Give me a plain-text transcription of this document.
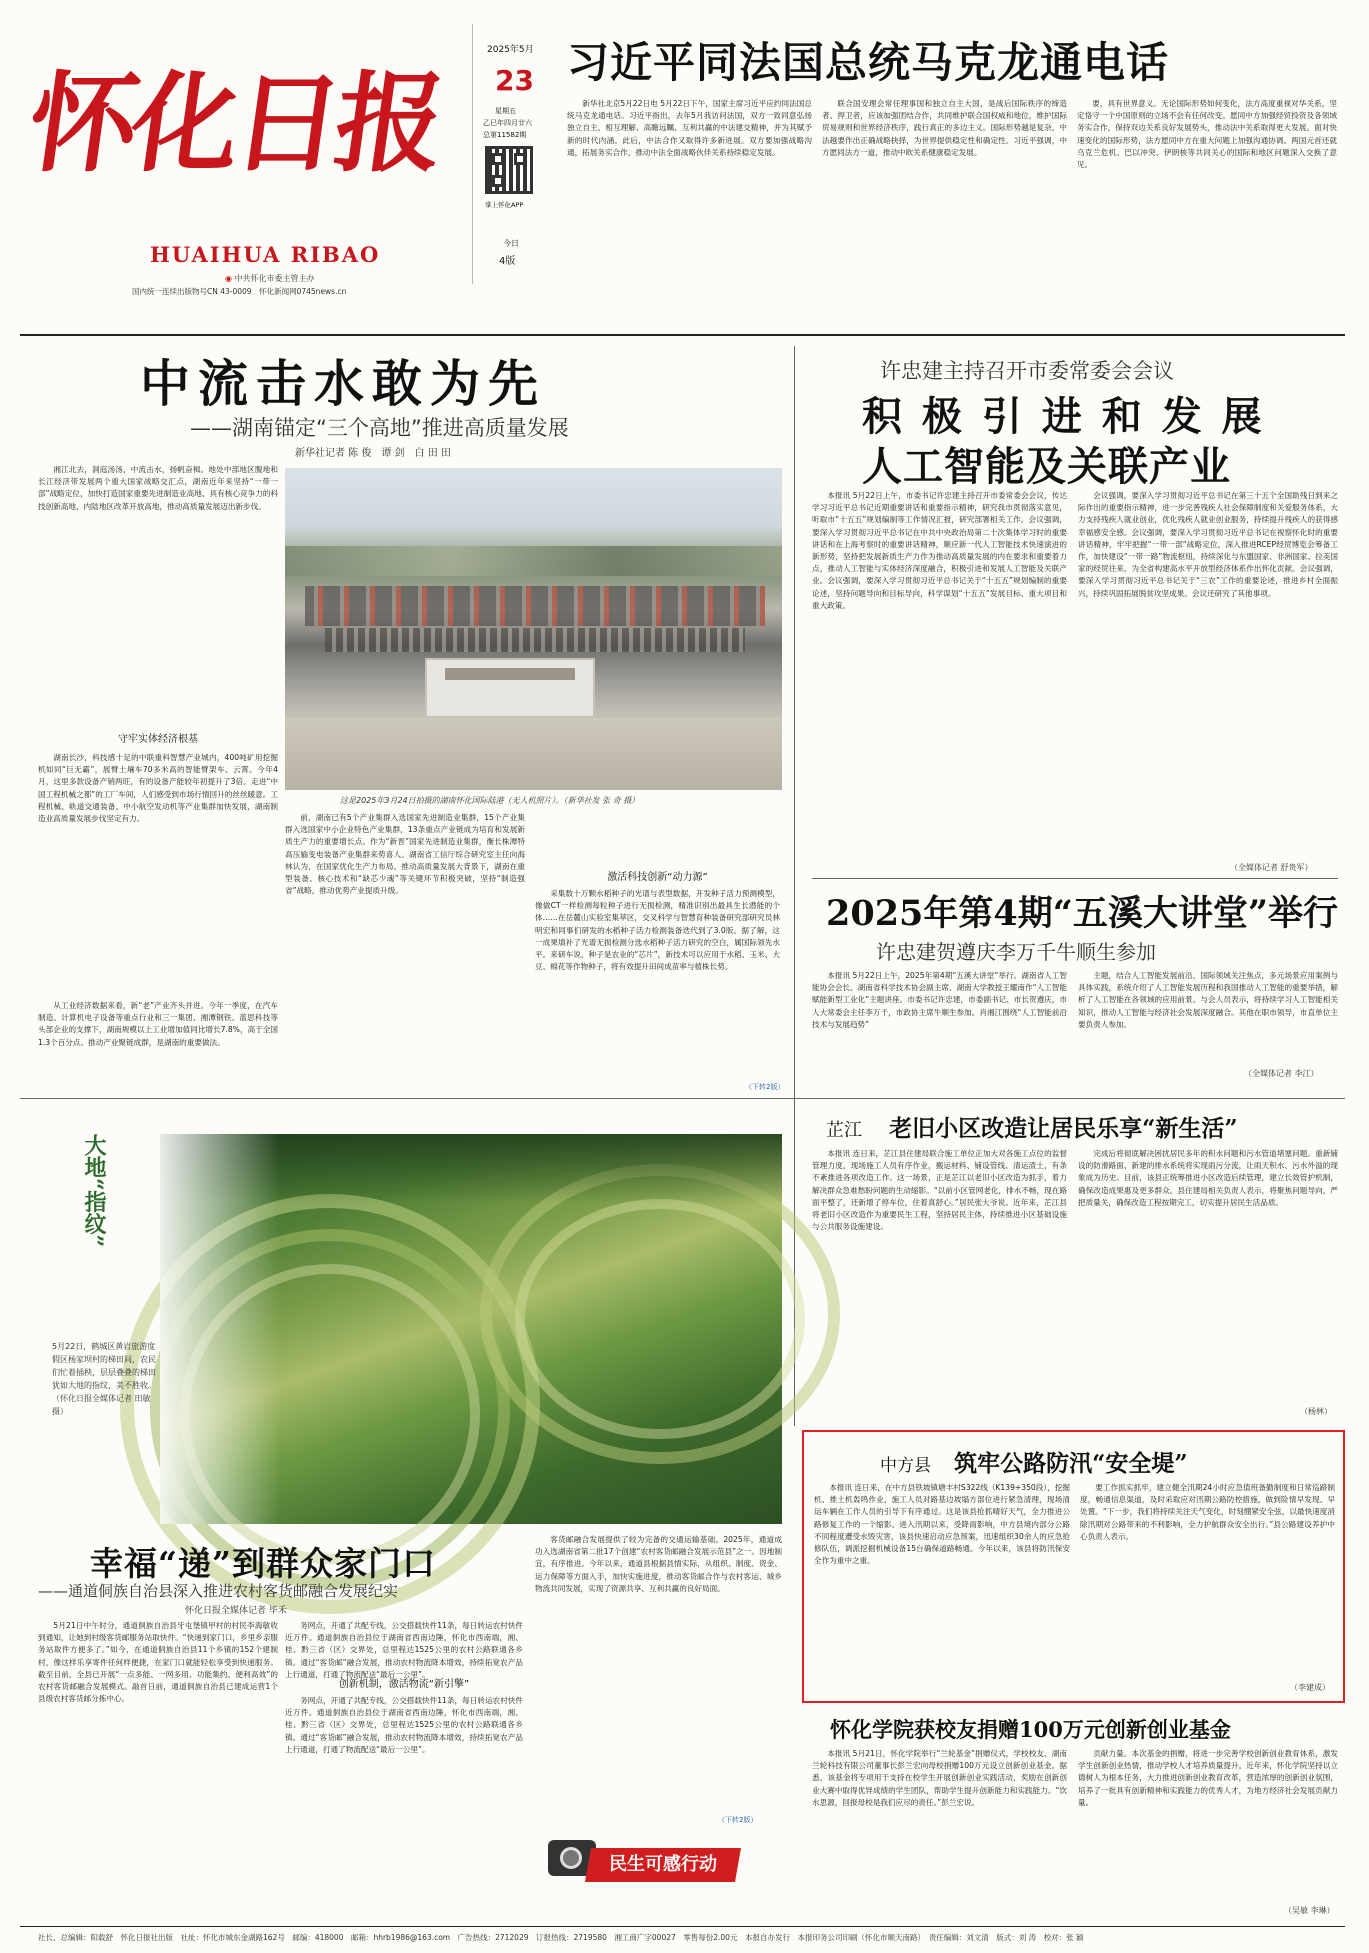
怀化日报
HUAIHUA RIBAO
◉ 中共怀化市委主管主办
国内统一连续出版物号CN 43-0009　怀化新闻网0745news.cn
2025年5月
23
星期五
乙巳年四月廿六
总第11582期
掌上怀化APP
今日
4版
习近平同法国总统马克龙通电话

新华社北京5月22日电 5月22日下午，国家主席习近平应约同法国总统马克龙通电话。习近平指出，去年5月我访问法国，双方一致同意弘扬独立自主、相互理解、高瞻远瞩、互利共赢的中法建交精神，并为其赋予新的时代内涵。此后，中法合作又取得许多新进展。双方要加强战略沟通，拓展务实合作，推动中法全面战略伙伴关系持续稳定发展。

联合国安理会常任理事国和独立自主大国，是战后国际秩序的缔造者、捍卫者，应该加强团结合作，共同维护联合国权威和地位，维护国际贸易规则和世界经济秩序，践行真正的多边主义。国际形势越是复杂，中法越要作出正确战略抉择，为世界提供稳定性和确定性。习近平强调，中方愿同法方一道，推动中欧关系健康稳定发展。

要，具有世界意义。无论国际形势如何变化，法方高度重视对华关系，坚定恪守一个中国原则的立场不会有任何改变。愿同中方加强经贸投资及各领域务实合作，保持双边关系良好发展势头，推动法中关系取得更大发展。面对快速变化的国际形势，法方愿同中方在重大问题上加强沟通协调。两国元首还就乌克兰危机、巴以冲突、伊朗核等共同关心的国际和地区问题深入交换了意见。

中流击水敢为先
——湖南锚定“三个高地”推进高质量发展
新华社记者 陈 俊　谭 剑　白 田 田

湘江北去，洞庭汤汤，中流击水，扬帆奋楫。地处中部地区腹地和长江经济带发展两个重大国家战略交汇点，湖南近年来坚持“一带一部”战略定位，加快打造国家重要先进制造业高地、具有核心竞争力的科技创新高地、内陆地区改革开放高地，推动高质量发展迈出新步伐。

守牢实体经济根基

湖南长沙，科技感十足的中联重科智慧产业城内，400吨矿用挖掘机如同“巨无霸”，展臂土壤车70多米高的智能臂架车、云霄。今年4月，这里多款设备产销两旺，有的设备产能较年初提升了3倍。走进“中国工程机械之都”的工厂车间，人们感受到市场行情回升的丝丝暖意。工程机械、轨道交通装备、中小航空发动机等产业集群加快发展，湖南制造业高质量发展步伐坚定有力。

从工业经济数据来看，新“老”产业齐头并进。今年一季度，在汽车制造、计算机电子设备等重点行业和三一集团、湘潭钢铁、蓝思科技等头部企业的支撑下，湖南规模以上工业增加值同比增长7.8%，高于全国1.3个百分点。推动产业聚链成群，是湖南的重要做法。

这是2025年3月24日拍摄的湖南怀化国际陆港（无人机照片）。（新华社发 张 奇 摄）

前，湖南已有5个产业集群入选国家先进制造业集群，15个产业集群入选国家中小企业特色产业集群，13条重点产业链成为培育和发展新质生产力的重要增长点。作为“新晋”国家先进制造业集群，衡长株潭特高压输变电装备产业集群来势喜人。湖南省工信厅综合研究室主任向海林认为，在国家优化生产力布局、推动高质量发展大背景下，湖南在重型装备、核心技术和“缺芯少魂”等关键环节积极突破，坚持“制造强省”战略，推动优势产业提质升级。

激活科技创新“动力源”

采集数十万颗水稻种子的光谱与表型数据，开发种子活力预测模型，像做CT一样检测每粒种子进行无损检测，精准识别出最具生长潜能的个体……在岳麓山实验室集萃区，交叉科学与智慧育种装备研究部研究员林明宏和同事们研发的水稻种子活力检测装备迭代到了3.0版。据了解，这一成果填补了光谱无损检测分选水稻种子活力研究的空白，属国际领先水平。来研车说，种子是农业的“芯片”，新技术可以应用于水稻、玉米、大豆、棉花等作物种子，将有效提升田间成苗率与植株长势。

（下转2版）
许忠建主持召开市委常委会会议
积 极 引 进 和 发 展
人工智能及关联产业

本报讯 5月22日上午，市委书记许忠建主持召开市委常委会会议，传达学习习近平总书记近期重要讲话和重要指示精神，研究我市贯彻落实意见，听取市“十五五”规划编制等工作情况汇报，研究部署相关工作。会议强调，要深入学习贯彻习近平总书记在中共中央政治局第二十次集体学习时的重要讲话和在上海考察时的重要讲话精神，顺应新一代人工智能技术快速演进的新形势，坚持把发展新质生产力作为推动高质量发展的内在要求和重要着力点，推动人工智能与实体经济深度融合，积极引进和发展人工智能及关联产业。会议强调，要深入学习贯彻习近平总书记关于“十五五”规划编制的重要论述，坚持问题导向和目标导向，科学谋划“十五五”发展目标、重大项目和重大政策。

会议强调，要深入学习贯彻习近平总书记在第三十五个全国助残日到来之际作出的重要指示精神，进一步完善残疾人社会保障制度和关爱服务体系，大力支持残疾人就业创业，优化残疾人就业创业服务，持续提升残疾人的获得感幸福感安全感。会议强调，要深入学习贯彻习近平总书记在视察怀化时的重要讲话精神，牢牢把握“一带一部”战略定位，深入推进RCEP经贸博览会筹备工作，加快建设“一带一路”物流枢纽，持续深化与东盟国家、非洲国家、拉美国家的经贸往来，为全省构建高水平开放型经济体系作出怀化贡献。会议强调，要深入学习贯彻习近平总书记关于“三农”工作的重要论述，推进乡村全面振兴，持续巩固拓展脱贫攻坚成果。会议还研究了其他事项。

（全媒体记者 舒贵军）
2025年第4期“五溪大讲堂”举行
许忠建贺遵庆李万千牛顺生参加

本报讯 5月22日上午，2025年第4期“五溪大讲堂”举行。湖南省人工智能协会会长、湖南省科学技术协会副主席、湖南大学教授王耀南作“人工智能赋能新型工业化”主题讲座。市委书记许忠建，市委副书记、市长贺遵庆，市人大常委会主任李万千，市政协主席牛顺生参加。肖湘江围绕“人工智能前沿技术与发展趋势”

主题，结合人工智能发展前沿、国际领域关注焦点，多元场景应用案例与具体实践，系统介绍了人工智能发展历程和我国推动人工智能的重要举措，解析了人工智能在各领域的应用前景。与会人员表示，将持续学习人工智能相关知识，推动人工智能与经济社会发展深度融合。其他在职市领导，市直单位主要负责人参加。

（全媒体记者 李江）
大地“指纹”
5月22日，鹤城区黄岩旅游度假区杨家坝村的梯田间，农民们忙着插秧，层层叠叠的梯田犹如大地的指纹，美不胜收。（怀化日报全媒体记者 田敏 摄）
芷江 老旧小区改造让居民乐享“新生活”

本报讯 连日来，芷江县住建局联合施工单位正加大对各施工点位的监督管理力度，现场施工人员有序作业，搬运材料、铺设管线、清运渣土，有条不紊推进各项改造工作。这一场景，正是芷江以老旧小区改造为抓手，着力解决群众急难愁盼问题的生动缩影。“以前小区管网老化，排水不畅，现在路面平整了，还新增了停车位，住着真舒心。”居民张大爷说。近年来，芷江县将老旧小区改造作为重要民生工程，坚持居民主体，持续推进小区基础设施与公共服务设施建设。

完成后将彻底解决困扰居民多年的积水问题和污水管道堵塞问题。重新铺设的防滑路面、新建的排水系统将实现雨污分流，让雨天积水、污水外溢的现象成为历史。目前，该县正统筹推进小区改造后续管理，建立长效管护机制，确保改造成果惠及更多群众。县住建局相关负责人表示，将聚焦问题导向，严把质量关，确保改造工程按期完工，切实提升居民生活品质。

（杨林）
中方县 筑牢公路防汛“安全堤”

本报讯 连日来，在中方县铁坡镇塘丰村S322线（K139+350段），挖掘机、推土机轰鸣作业，施工人员对路基边坡塌方部位进行紧急清理，现场清运车辆在工作人员的引导下有序通过。这是该县抢抓晴好天气，全力推进公路修复工作的一个缩影。进入汛期以来，受降雨影响，中方县境内部分公路不同程度遭受水毁灾害，该县快速启动应急预案，迅速组织30余人的应急抢修队伍，调派挖掘机械设备15台确保道路畅通。今年以来，该县将防汛保安全作为重中之重。

要工作抓实抓牢，建立健全汛期24小时应急值班备勤制度和日常巡路制度，畅通信息渠道，及时采取应对汛期公路防控措施，做到险情早发现、早处置。“下一步，我们将持续关注天气变化，时刻绷紧安全弦，以最快速度消除汛期对公路带来的不利影响，全力护航群众安全出行。”县公路建设养护中心负责人表示。

（李建成）
幸福“递”到群众家门口
——通道侗族自治县深入推进农村客货邮融合发展纪实
怀化日报全媒体记者 毕禾

5月21日中午时分，通道侗族自治县牙屯堡镇甲村的村民李海敏收到通知，让她到村级客货邮服务站取快件。“快递到家门口，乡里乡亲服务站取件方便多了。”如今，在通道侗族自治县11个乡镇的152个建制村，像这样乐享寄件任何样便捷，在家门口就能轻松享受到快递服务。截至目前，全县已开展“一点多能、一网多用、功能集约、便利高效”的农村客货邮融合发展模式。敲首日前，通道侗族自治县已建成运营1个县级农村客货邮分拣中心。

务网点，开通了共配专线，公交搭载快件11条，每日转运农村快件近万件。通道侗族自治县位于湖南省西南边陲，怀化市西南端，湘、桂、黔三省（区）交界处，总里程达1525公里的农村公路联通各乡镇。通过“客货邮”融合发展，推动农村物流降本增效，持续拓宽农产品上行通道，打通了物流配送“最后一公里”。

创新机制，激活物流“新引擎”

务网点，开通了共配专线，公交搭载快件11条，每日转运农村快件近万件。通道侗族自治县位于湖南省西南边陲，怀化市西南端，湘、桂、黔三省（区）交界处，总里程达1525公里的农村公路联通各乡镇。通过“客货邮”融合发展，推动农村物流降本增效，持续拓宽农产品上行通道，打通了物流配送“最后一公里”。

客货邮融合发展提供了较为完备的交通运输基础。2025年，通道成功入选湖南省第二批17个创建“农村客货邮融合发展示范县”之一。因地制宜，有序推进。今年以来，通道县根据县情实际，从组织、制度、资金、运力保障等方面入手，加快实施进度，推动客货邮合作与农村客运、城乡物流共同发展，实现了资源共享、互利共赢的良好局面。

（下转2版）
民生可感行动
怀化学院获校友捐赠100万元创新创业基金

本报讯 5月21日，怀化学院举行“兰轮基金”捐赠仪式，学校校友、湖南兰轮科技有限公司董事长彭兰宏向母校捐赠100万元设立创新创业基金。据悉，该基金将专项用于支持在校学生开展创新创业实践活动，奖励在创新创业大赛中取得优异成绩的学生团队，帮助学生提升创新能力和实践能力。“饮水思源，回报母校是我们应尽的责任。”彭兰宏说。

贡献力量。本次基金的捐赠，将进一步完善学校创新创业教育体系，激发学生创新创业热情，推动学校人才培养质量提升。近年来，怀化学院坚持以立德树人为根本任务，大力推进创新创业教育改革，营造浓厚的创新创业氛围，培养了一批具有创新精神和实践能力的优秀人才，为地方经济社会发展贡献力量。

（吴敏 李琳）
社长、总编辑：阳载舒　怀化日报社出版　社址：怀化市城东金湖路162号　邮编：418000　邮箱：hhrb1986@163.com　广告热线：2712029　订报热线：2719580　湘工商广字00027　零售每份2.00元　本报自办发行　本报印务公司印刷（怀化市顺天南路）　责任编辑：刘文清　版式：刘 涛　校对：张 颖
